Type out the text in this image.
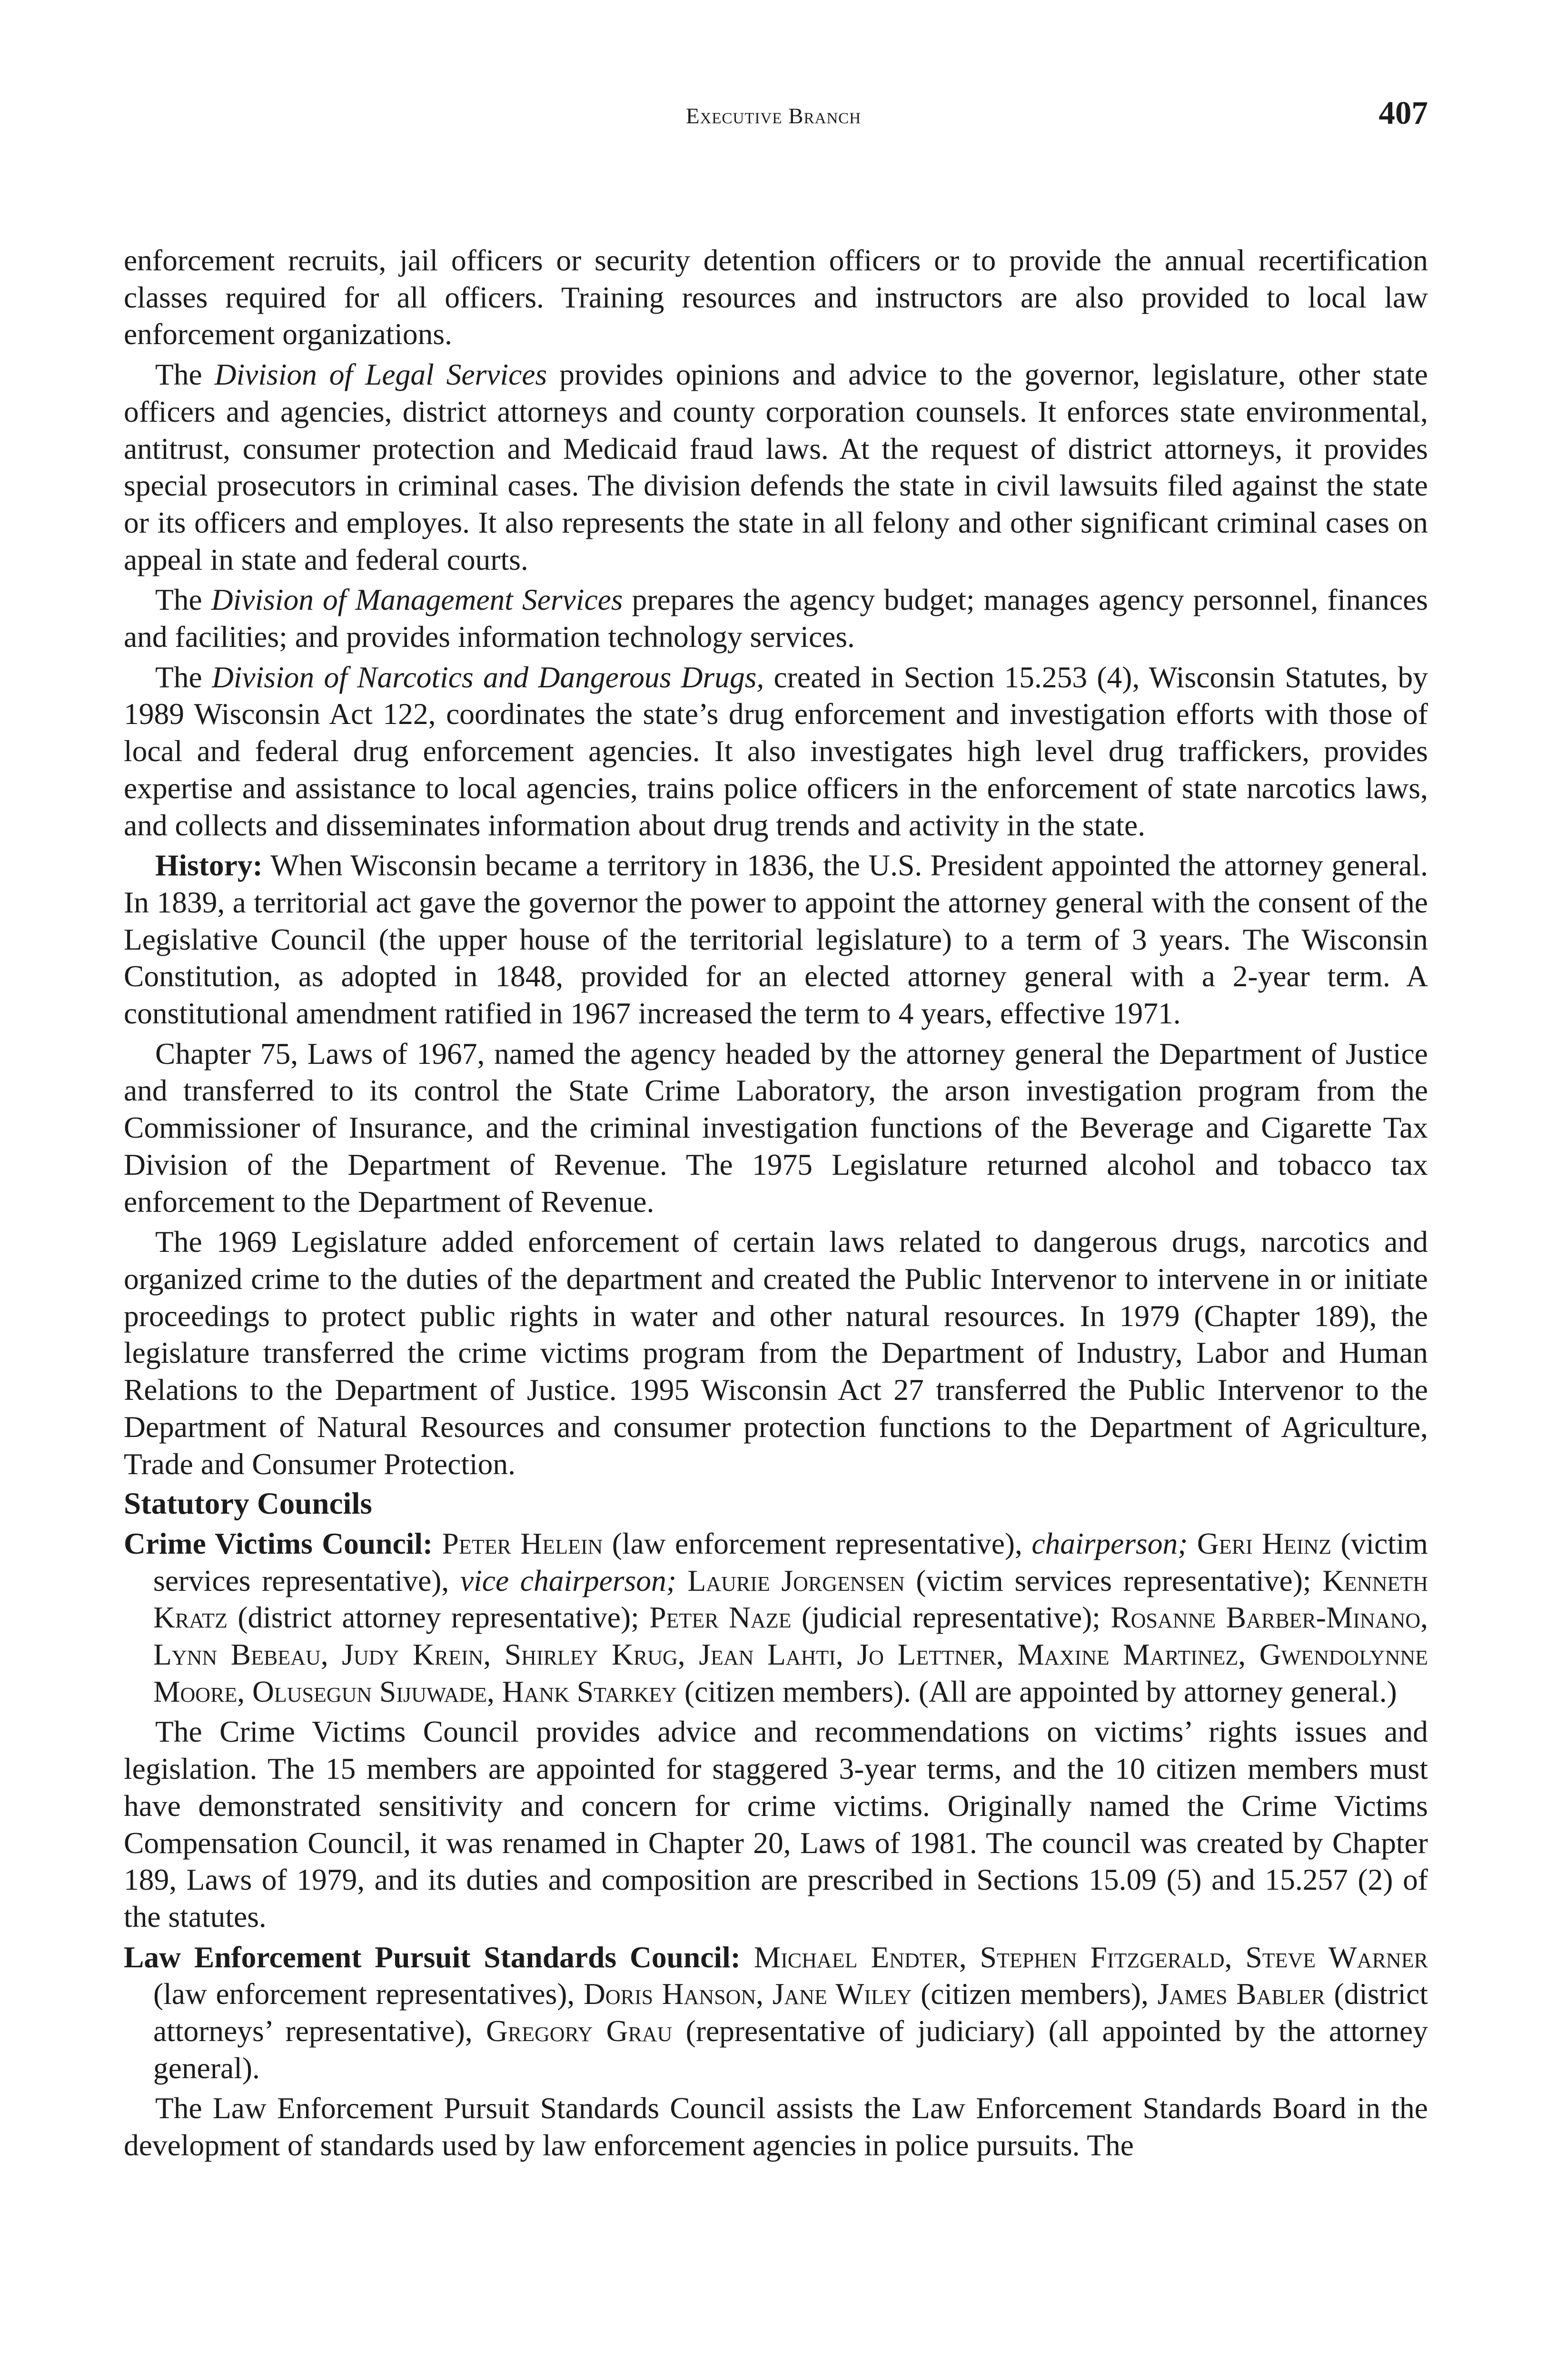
Executive Branch	407

enforcement recruits, jail officers or security detention officers or to provide the annual recertification classes required for all officers. Training resources and instructors are also provided to local law enforcement organizations.

The Division of Legal Services provides opinions and advice to the governor, legislature, other state officers and agencies, district attorneys and county corporation counsels. It enforces state environmental, antitrust, consumer protection and Medicaid fraud laws. At the request of district attorneys, it provides special prosecutors in criminal cases. The division defends the state in civil lawsuits filed against the state or its officers and employes. It also represents the state in all felony and other significant criminal cases on appeal in state and federal courts.

The Division of Management Services prepares the agency budget; manages agency personnel, finances and facilities; and provides information technology services.

The Division of Narcotics and Dangerous Drugs, created in Section 15.253 (4), Wisconsin Statutes, by 1989 Wisconsin Act 122, coordinates the state’s drug enforcement and investigation efforts with those of local and federal drug enforcement agencies. It also investigates high level drug traffickers, provides expertise and assistance to local agencies, trains police officers in the enforcement of state narcotics laws, and collects and disseminates information about drug trends and activity in the state.

History: When Wisconsin became a territory in 1836, the U.S. President appointed the attorney general. In 1839, a territorial act gave the governor the power to appoint the attorney general with the consent of the Legislative Council (the upper house of the territorial legislature) to a term of 3 years. The Wisconsin Constitution, as adopted in 1848, provided for an elected attorney general with a 2-year term. A constitutional amendment ratified in 1967 increased the term to 4 years, effective 1971.

Chapter 75, Laws of 1967, named the agency headed by the attorney general the Department of Justice and transferred to its control the State Crime Laboratory, the arson investigation program from the Commissioner of Insurance, and the criminal investigation functions of the Beverage and Cigarette Tax Division of the Department of Revenue. The 1975 Legislature returned alcohol and tobacco tax enforcement to the Department of Revenue.

The 1969 Legislature added enforcement of certain laws related to dangerous drugs, narcotics and organized crime to the duties of the department and created the Public Intervenor to intervene in or initiate proceedings to protect public rights in water and other natural resources. In 1979 (Chapter 189), the legislature transferred the crime victims program from the Department of Industry, Labor and Human Relations to the Department of Justice. 1995 Wisconsin Act 27 transferred the Public Intervenor to the Department of Natural Resources and consumer protection functions to the Department of Agriculture, Trade and Consumer Protection.

Statutory Councils

Crime Victims Council: Peter Helein (law enforcement representative), chairperson; Geri Heinz (victim services representative), vice chairperson; Laurie Jorgensen (victim services representative); Kenneth Kratz (district attorney representative); Peter Naze (judicial representative); Rosanne Barber-Minano, Lynn Bebeau, Judy Krein, Shirley Krug, Jean Lahti, Jo Lettner, Maxine Martinez, Gwendolynne Moore, Olusegun Sijuwade, Hank Starkey (citizen members). (All are appointed by attorney general.)

The Crime Victims Council provides advice and recommendations on victims’ rights issues and legislation. The 15 members are appointed for staggered 3-year terms, and the 10 citizen members must have demonstrated sensitivity and concern for crime victims. Originally named the Crime Victims Compensation Council, it was renamed in Chapter 20, Laws of 1981. The council was created by Chapter 189, Laws of 1979, and its duties and composition are prescribed in Sections 15.09 (5) and 15.257 (2) of the statutes.

Law Enforcement Pursuit Standards Council: Michael Endter, Stephen Fitzgerald, Steve Warner (law enforcement representatives), Doris Hanson, Jane Wiley (citizen members), James Babler (district attorneys’ representative), Gregory Grau (representative of judiciary) (all appointed by the attorney general).

The Law Enforcement Pursuit Standards Council assists the Law Enforcement Standards Board in the development of standards used by law enforcement agencies in police pursuits. The
